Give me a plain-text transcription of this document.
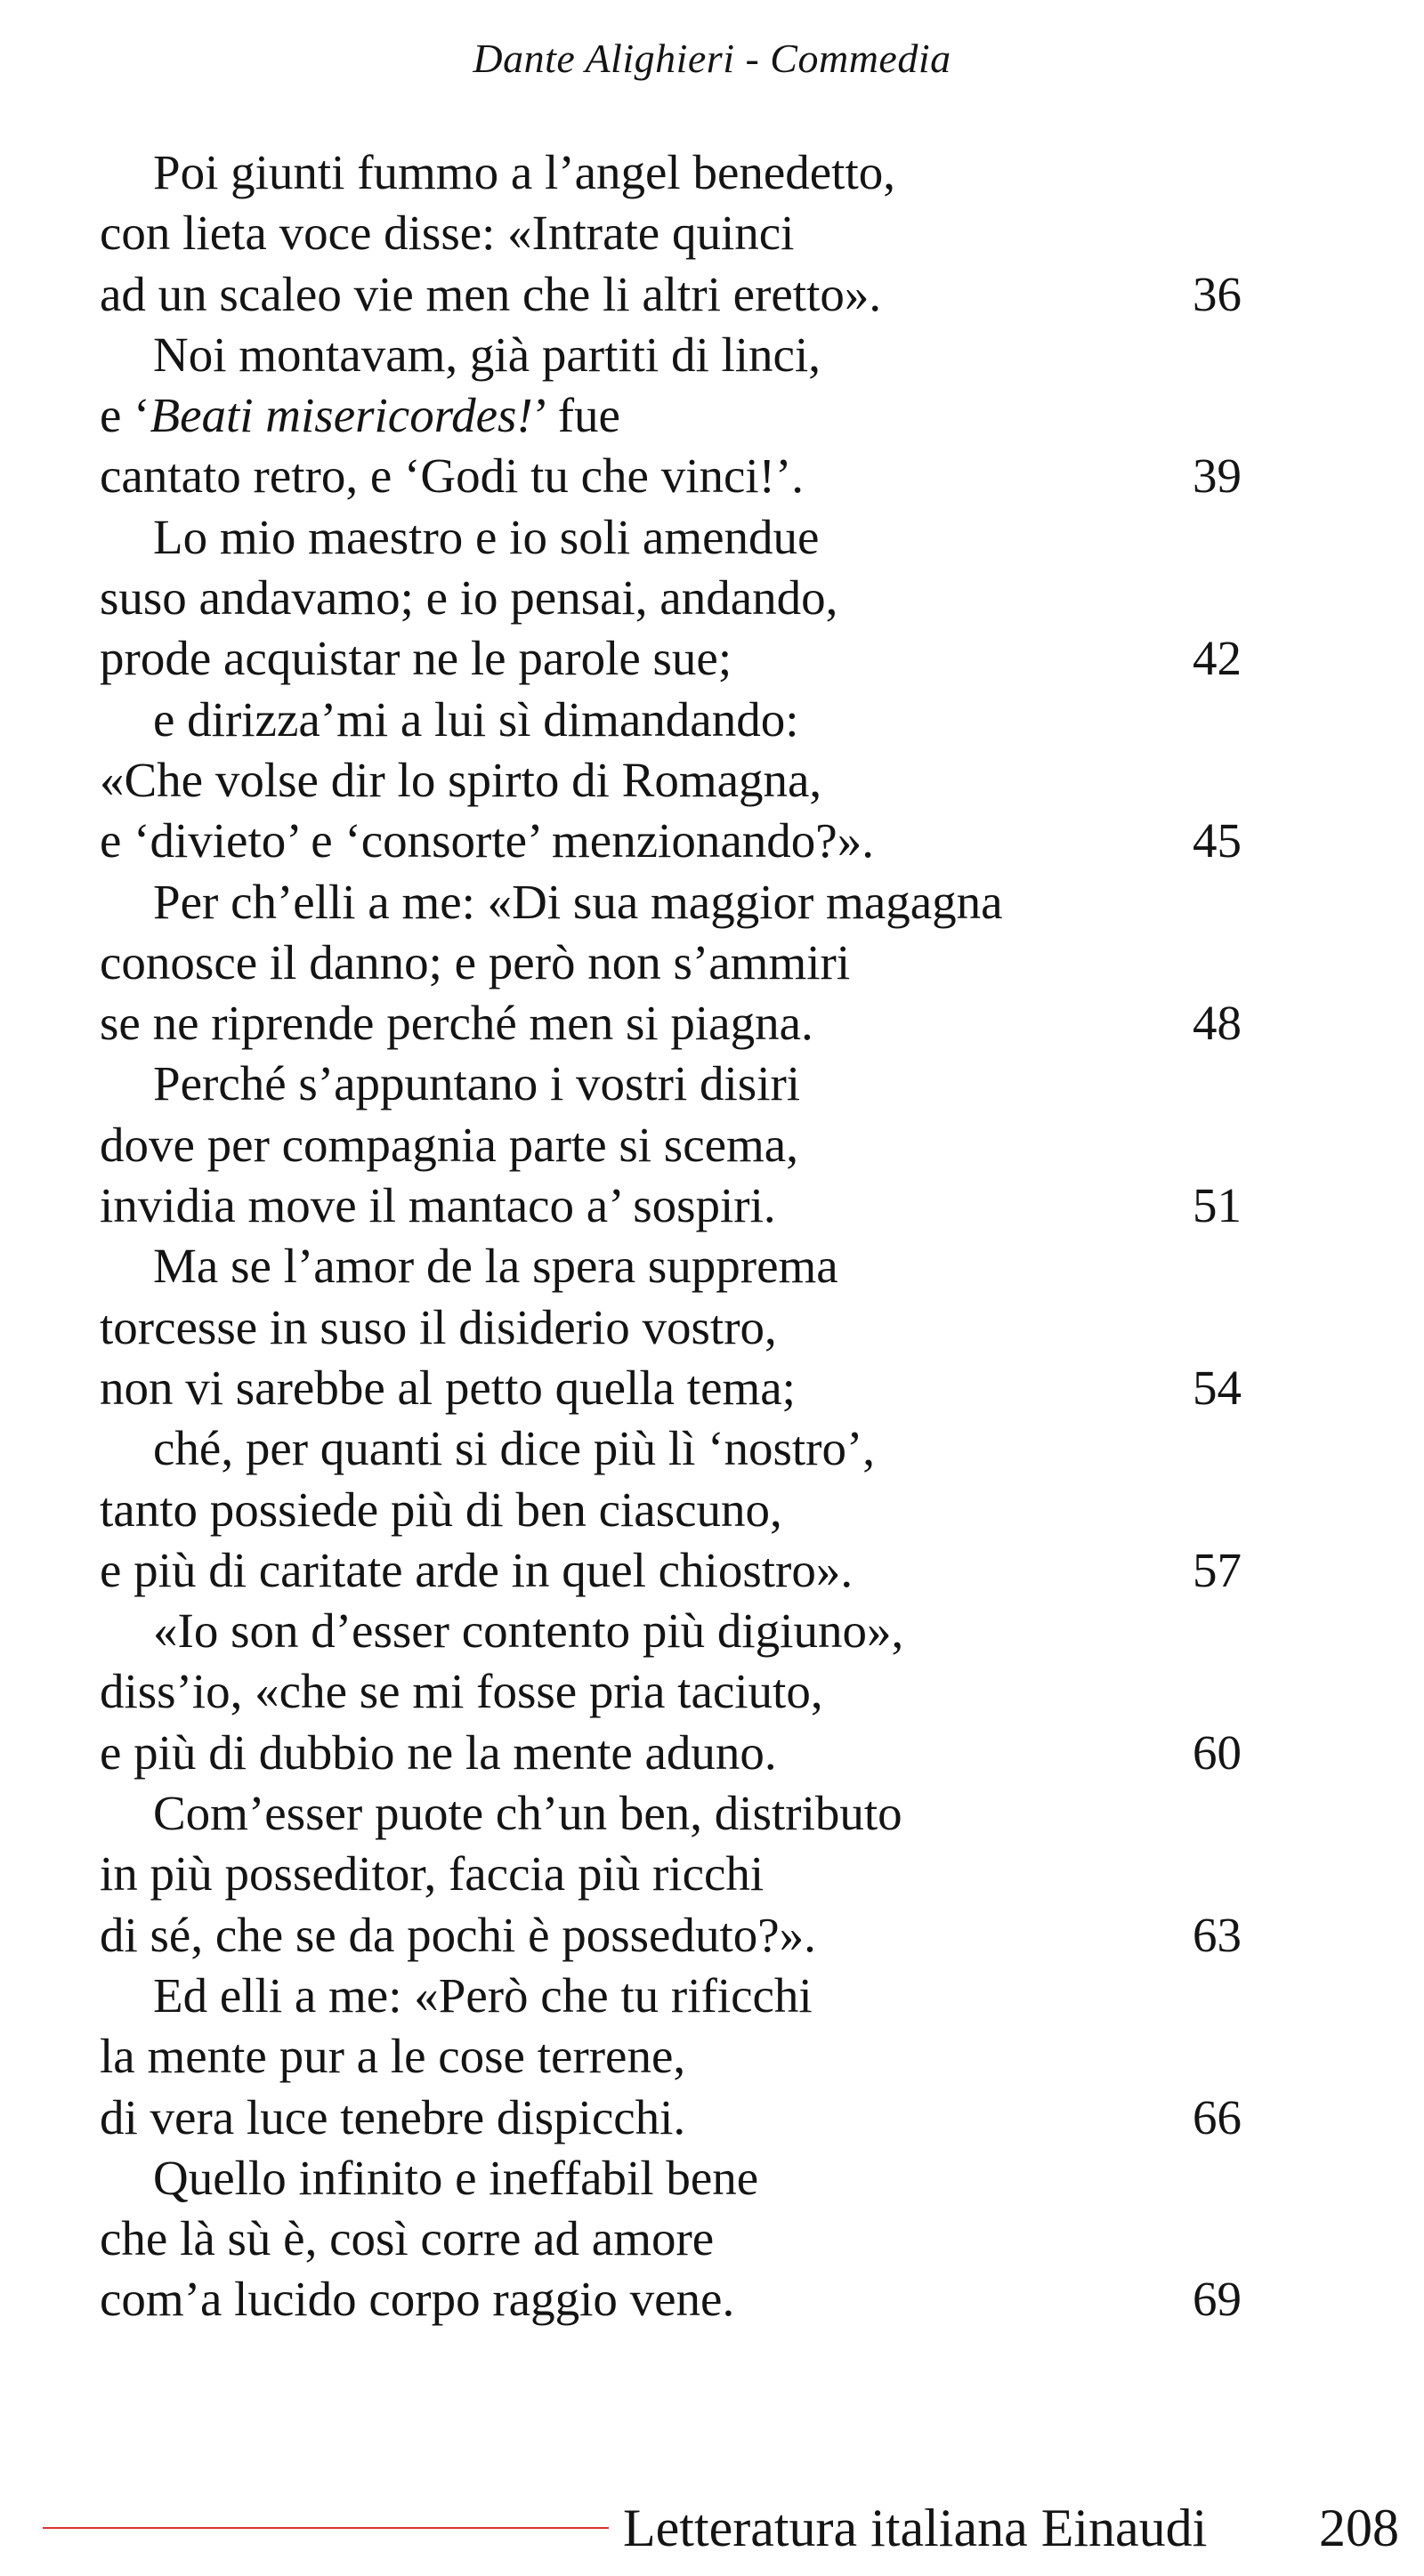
Dante Alighieri - Commedia
Poi giunti fummo a l’angel benedetto,
con lieta voce disse: «Intrate quinci
ad un scaleo vie men che li altri eretto».	36
Noi montavam, già partiti di linci,
e ‘Beati misericordes!’ fue
cantato retro, e ‘Godi tu che vinci!’.	39
Lo mio maestro e io soli amendue
suso andavamo; e io pensai, andando,
prode acquistar ne le parole sue;	42
e dirizza’mi a lui sì dimandando:
«Che volse dir lo spirto di Romagna,
e ‘divieto’ e ‘consorte’ menzionando?».	45
Per ch’elli a me: «Di sua maggior magagna
conosce il danno; e però non s’ammiri
se ne riprende perché men si piagna.	48
Perché s’appuntano i vostri disiri
dove per compagnia parte si scema,
invidia move il mantaco a’ sospiri.	51
Ma se l’amor de la spera supprema
torcesse in suso il disiderio vostro,
non vi sarebbe al petto quella tema;	54
ché, per quanti si dice più lì ‘nostro’,
tanto possiede più di ben ciascuno,
e più di caritate arde in quel chiostro».	57
«Io son d’esser contento più digiuno»,
diss’io, «che se mi fosse pria taciuto,
e più di dubbio ne la mente aduno.	60
Com’esser puote ch’un ben, distributo
in più posseditor, faccia più ricchi
di sé, che se da pochi è posseduto?».	63
Ed elli a me: «Però che tu rificchi
la mente pur a le cose terrene,
di vera luce tenebre dispicchi.	66
Quello infinito e ineffabil bene
che là sù è, così corre ad amore
com’a lucido corpo raggio vene.	69
Letteratura italiana Einaudi 208
